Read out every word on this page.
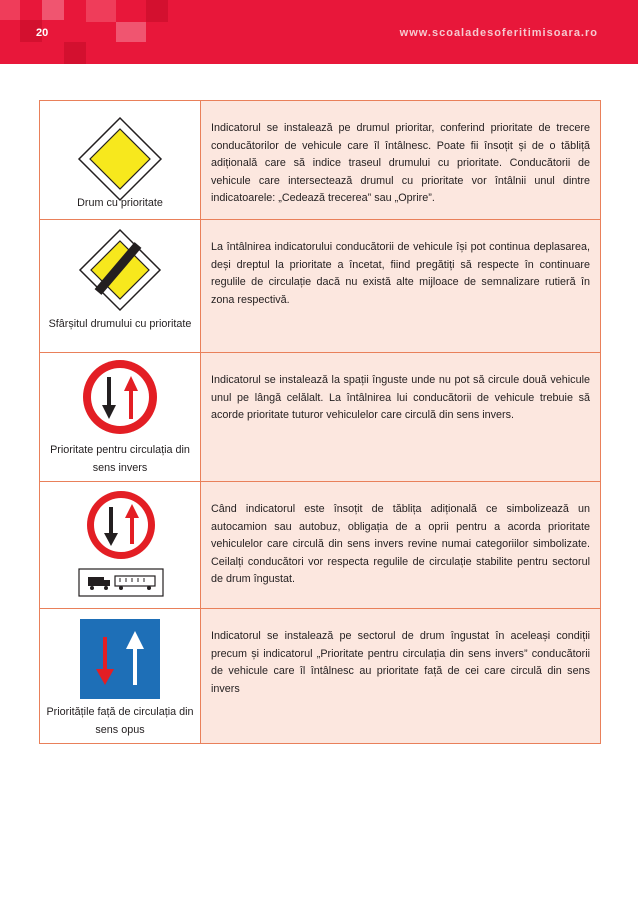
20	www.scoaladesoferitimisoara.ro
Drum cu prioritate

Indicatorul se instalează pe drumul prioritar, conferind prioritate de trecere conducătorilor de vehicule care îl întâlnesc. Poate fii însoțit și de o tăbliță adițională care să indice traseul drumului cu prioritate. Conducătorii de vehicule care intersectează drumul cu prioritate vor întâlnii unul dintre indicatoarele: „Cedează trecerea” sau „Oprire”.

Sfârșitul drumului cu prioritate

La întâlnirea indicatorului conducătorii de vehicule își pot continua deplasarea, deși dreptul la prioritate a încetat, fiind pregătiți să respecte în continuare regulile de circulație dacă nu există alte mijloace de semnalizare rutieră în zona respectivă.

Prioritate pentru circulația din sens invers

Indicatorul se instalează la spații înguste unde nu pot să circule două vehicule unul pe lângă celălalt. La întâlnirea lui conducătorii de vehicule trebuie să acorde prioritate tuturor vehiculelor care circulă din sens invers.

Când indicatorul este însoțit de tăblița adițională ce simbolizează un autocamion sau autobuz, obligația de a oprii pentru a acorda prioritate vehiculelor care circulă din sens invers revine numai categoriilor simbolizate. Ceilalți conducători vor respecta regulile de circulație stabilite pentru sectorul de drum îngustat.

Prioritățile față de circulația din sens opus

Indicatorul se instalează pe sectorul de drum îngustat în aceleași condiții precum și indicatorul „Prioritate pentru circulația din sens invers” conducătorii de vehicule care îl întâlnesc au prioritate față de cei care circulă din sens invers
